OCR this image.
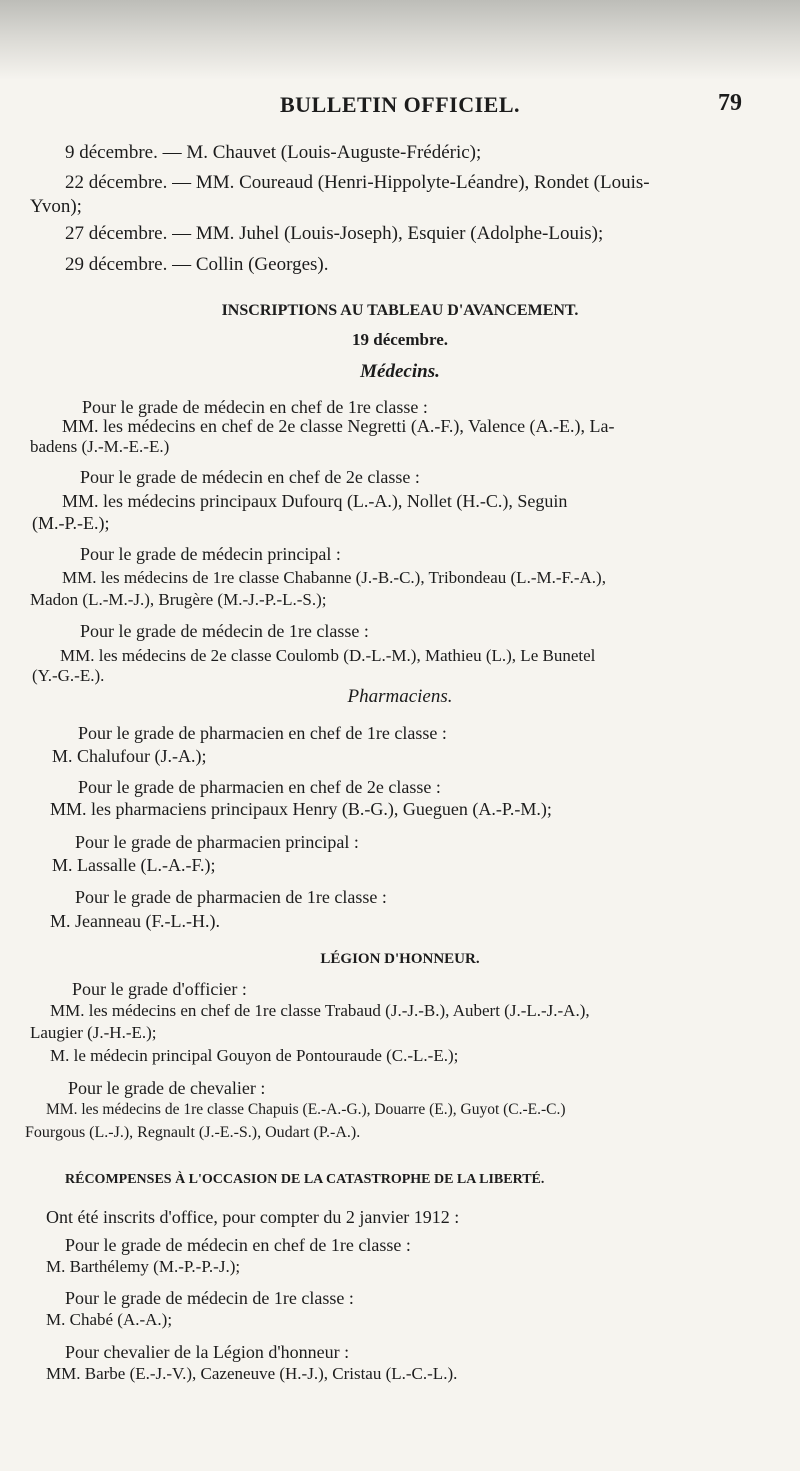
BULLETIN OFFICIEL.	79
9 décembre. — M. Chauvet (Louis-Auguste-Frédéric);
22 décembre. — MM. Coureaud (Henri-Hippolyte-Léandre), Rondet (Louis-
Yvon);
27 décembre. — MM. Juhel (Louis-Joseph), Esquier (Adolphe-Louis);
29 décembre. — Collin (Georges).
INSCRIPTIONS AU TABLEAU D'AVANCEMENT.
19 décembre.
Médecins.
Pour le grade de médecin en chef de 1re classe :
MM. les médecins en chef de 2e classe Negretti (A.-F.), Valence (A.-E.), La-
badens (J.-M.-E.-E.)
Pour le grade de médecin en chef de 2e classe :
MM. les médecins principaux Dufourq (L.-A.), Nollet (H.-C.), Seguin
(M.-P.-E.);
Pour le grade de médecin principal :
MM. les médecins de 1re classe Chabanne (J.-B.-C.), Tribondeau (L.-M.-F.-A.),
Madon (L.-M.-J.), Brugère (M.-J.-P.-L.-S.);
Pour le grade de médecin de 1re classe :
MM. les médecins de 2e classe Coulomb (D.-L.-M.), Mathieu (L.), Le Bunetel
(Y.-G.-E.).
Pharmaciens.
Pour le grade de pharmacien en chef de 1re classe :
M. Chalufour (J.-A.);
Pour le grade de pharmacien en chef de 2e classe :
MM. les pharmaciens principaux Henry (B.-G.), Gueguen (A.-P.-M.);
Pour le grade de pharmacien principal :
M. Lassalle (L.-A.-F.);
Pour le grade de pharmacien de 1re classe :
M. Jeanneau (F.-L.-H.).
LÉGION D'HONNEUR.
Pour le grade d'officier :
MM. les médecins en chef de 1re classe Trabaud (J.-J.-B.), Aubert (J.-L.-J.-A.),
Laugier (J.-H.-E.);
M. le médecin principal Gouyon de Pontouraude (C.-L.-E.);
Pour le grade de chevalier :
MM. les médecins de 1re classe Chapuis (E.-A.-G.), Douarre (E.), Guyot (C.-E.-C.)
Fourgous (L.-J.), Regnault (J.-E.-S.), Oudart (P.-A.).
RÉCOMPENSES À L'OCCASION DE LA CATASTROPHE DE LA LIBERTÉ.
Ont été inscrits d'office, pour compter du 2 janvier 1912 :
Pour le grade de médecin en chef de 1re classe :
M. Barthélemy (M.-P.-P.-J.);
Pour le grade de médecin de 1re classe :
M. Chabé (A.-A.);
Pour chevalier de la Légion d'honneur :
MM. Barbe (E.-J.-V.), Cazeneuve (H.-J.), Cristau (L.-C.-L.).
